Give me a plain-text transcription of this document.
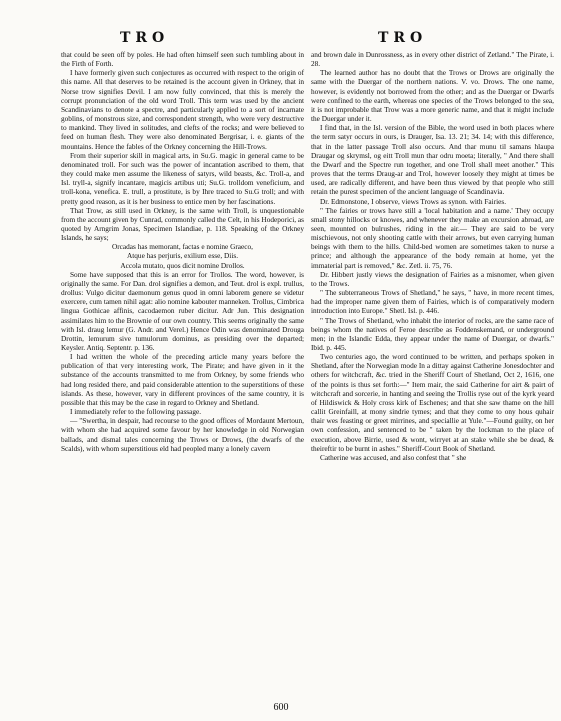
TRO	TRO

that could be seen off by poles. He had often himself seen such tumbling about in the Firth of Forth.

I have formerly given such conjectures as occurred with respect to the origin of this name. All that deserves to be retained is the account given in Orkney, that in Norse trow signifies Devil. I am now fully convinced, that this is merely the corrupt pronunciation of the old word Troll. This term was used by the ancient Scandinavians to denote a spectre, and particularly applied to a sort of incarnate goblins, of monstrous size, and correspondent strength, who were very destructive to mankind. They lived in solitudes, and clefts of the rocks; and were believed to feed on human flesh. They were also denominated Bergrisar, i. e. giants of the mountains. Hence the fables of the Orkney concerning the Hill-Trows.

From their superior skill in magical arts, in Su.G. magic in general came to be denominated troll. For such was the power of incantation ascribed to them, that they could make men assume the likeness of satyrs, wild beasts, &c. Troll-a, and Isl. tryll-a, signify incantare, magicis artibus uti; Su.G. trolldom veneficium, and troll-kona, venefica. E. trull, a prostitute, is by Ihre traced to Su.G troll; and with pretty good reason, as it is her business to entice men by her fascinations.

That Trow, as still used in Orkney, is the same with Troll, is unquestionable from the account given by Cunrad, commonly called the Celt, in his Hodeporici, as quoted by Arngrim Jonas, Specimen Islandiae, p. 118. Speaking of the Orkney Islands, he says;

Orcadas has memorant, factas e nomine Graeco,

Atque has perjuris, exilium esse, Diis.

Accola mutato, quos dicit nomine Drollos.

Some have supposed that this is an error for Trollos. The word, however, is originally the same. For Dan. drol signifies a demon, and Teut. drol is expl. trullus, drollus: Vulgo dicitur daemonum genus quod in omni laborem genere se videtur exercere, cum tamen nihil agat: alio nomine kabouter manneken. Trollus, Cimbrica lingua Gothicae affinis, cacodaemon ruber dicitur. Adr Jun. This designation assimilates him to the Brownie of our own country. This seems originally the same with Isl. draug lemur (G. Andr. and Verel.) Hence Odin was denominated Drouga Drottin, lemurum sive tumulorum dominus, as presiding over the departed; Keysler. Antiq. Septentr. p. 136.

I had written the whole of the preceding article many years before the publication of that very interesting work, The Pirate; and have given in it the substance of the accounts transmitted to me from Orkney, by some friends who had long resided there, and paid considerable attention to the superstitions of these islands. As these, however, vary in different provinces of the same country, it is possible that this may be the case in regard to Orkney and Shetland.

I immediately refer to the following passage.

— "Swertha, in despair, had recourse to the good offices of Mordaunt Mertoun, with whom she had acquired some favour by her knowledge in old Norwegian ballads, and dismal tales concerning the Trows or Drows, (the dwarfs of the Scalds), with whom superstitious eld had peopled many a lonely cavern

and brown dale in Dunrossness, as in every other district of Zetland." The Pirate, i. 28.

The learned author has no doubt that the Trows or Drows are originally the same with the Duergar of the northern nations. V. vo. Drows. The one name, however, is evidently not borrowed from the other; and as the Duergar or Dwarfs were confined to the earth, whereas one species of the Trows belonged to the sea, it is not improbable that Trow was a more generic name, and that it might include the Duergar under it.

I find that, in the Isl. version of the Bible, the word used in both places where the term satyr occurs in ours, is Drauger, Isa. 13. 21; 34. 14; with this difference, that in the latter passage Troll also occurs. And thar munu til samans hlaupa Draugar og skrymsl, og eitt Troll mun thar odru moeta; literally, " And there shall the Dwarf and the Spectre run together, and one Troll shall meet another." This proves that the terms Draug-ar and Trol, however loosely they might at times be used, are radically different, and have been thus viewed by that people who still retain the purest specimen of the ancient language of Scandinavia.

Dr. Edmonstone, I observe, views Trows as synon. with Fairies.

" The fairies or trows have still a 'local habitation and a name.' They occupy small stony hillocks or knowes, and whenever they make an excursion abroad, are seen, mounted on bulrushes, riding in the air.— They are said to be very mischievous, not only shooting cattle with their arrows, but even carrying human beings with them to the hills. Child-bed women are sometimes taken to nurse a prince; and although the appearance of the body remain at home, yet the immaterial part is removed," &c. Zetl. ii. 75, 76.

Dr. Hibbert justly views the designation of Fairies as a misnomer, when given to the Trows.

" The subterraneous Trows of Shetland," he says, " have, in more recent times, had the improper name given them of Fairies, which is of comparatively modern introduction into Europe." Shetl. Isl. p. 446.

" The Trows of Shetland, who inhabit the interior of rocks, are the same race of beings whom the natives of Feroe describe as Foddenskemand, or underground men; in the Islandic Edda, they appear under the name of Duergar, or dwarfs." Ibid. p. 445.

Two centuries ago, the word continued to be written, and perhaps spoken in Shetland, after the Norwegian mode In a dittay against Catherine Jonesdochter and others for witchcraft, &c. tried in the Sheriff Court of Shetland, Oct 2, 1616, one of the points is thus set forth:—" Item mair, the said Catherine for airt & pairt of witchcraft and sorcerie, in hanting and seeing the Trollis ryse out of the kyrk yeard of Hildiswick & Holy cross kirk of Eschenes; and that she saw thame on the hill callit Greinfaill, at mony sindrie tymes; and that they come to ony hous quhair thair wes feasting or greet mirrines, and speciallie at Yule."—Found guilty, on her own confession, and sentenced to be " taken by the lockman to the place of execution, above Birrie, used & wont, wirryet at an stake while she be dead, & theireftir to be burnt in ashes." Sheriff-Court Book of Shetland.

Catherine was accused, and also confest that " she

600
